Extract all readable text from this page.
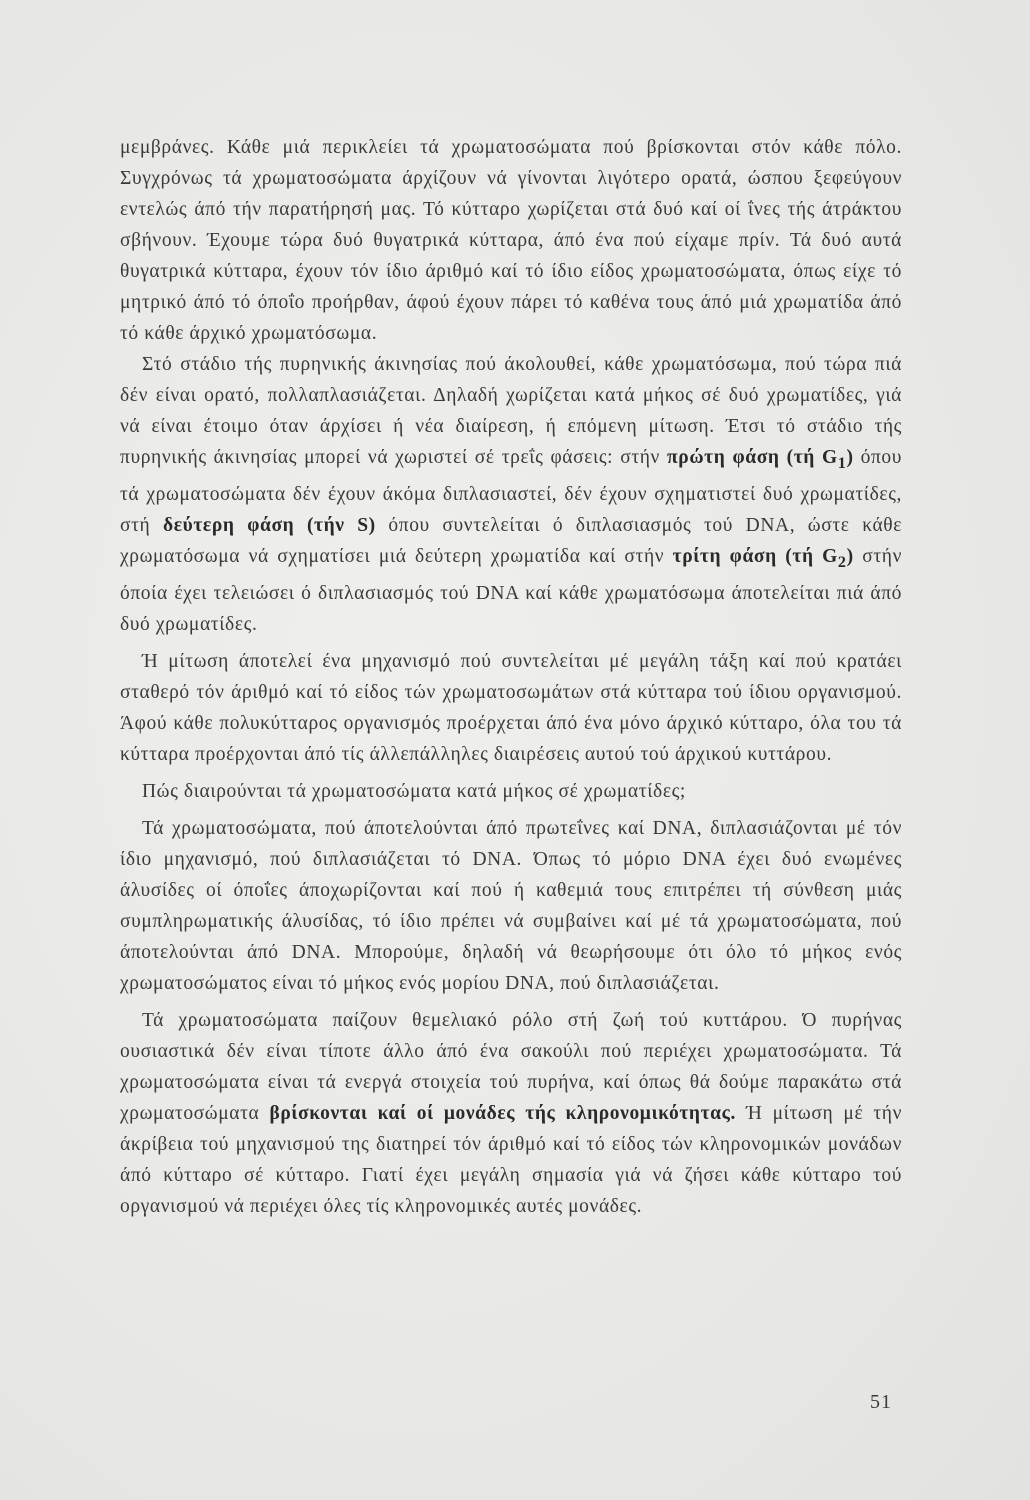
μεμβράνες. Κάθε μιά περικλείει τά χρωματοσώματα πού βρίσκονται στόν κάθε πόλο. Συγχρόνως τά χρωματοσώματα άρχίζουν νά γίνονται λιγότερο ορατά, ώσπου ξεφεύγουν εντελώς άπό τήν παρατήρησή μας. Τό κύτταρο χωρίζεται στά δυό καί οί ΐνες τής άτράκτου σβήνουν. Έχουμε τώρα δυό θυγατρικά κύτταρα, άπό ένα πού είχαμε πρίν. Τά δυό αυτά θυγατρικά κύτταρα, έχουν τόν ίδιο άριθμό καί τό ίδιο είδος χρωματοσώματα, όπως είχε τό μητρικό άπό τό όποΐο προήρθαν, άφού έχουν πάρει τό καθένα τους άπό μιά χρωματίδα άπό τό κάθε άρχικό χρωματόσωμα.

Στό στάδιο τής πυρηνικής άκινησίας πού άκολουθεί, κάθε χρωματόσωμα, πού τώρα πιά δέν είναι ορατό, πολλαπλασιάζεται. Δηλαδή χωρίζεται κατά μήκος σέ δυό χρωματίδες, γιά νά είναι έτοιμο όταν άρχίσει ή νέα διαίρεση, ή επόμενη μίτωση. Έτσι τό στάδιο τής πυρηνικής άκινησίας μπορεί νά χωριστεί σέ τρεΐς φάσεις: στήν πρώτη φάση (τή $G_1$) όπου τά χρωματοσώματα δέν έχουν άκόμα διπλασιαστεί, δέν έχουν σχηματιστεί δυό χρωματίδες, στή δεύτερη φάση (τήν S) όπου συντελείται ό διπλασιασμός τού DNA, ώστε κάθε χρωματόσωμα νά σχηματίσει μιά δεύτερη χρωματίδα καί στήν τρίτη φάση (τή $G_2$) στήν όποία έχει τελειώσει ό διπλασιασμός τού DNA καί κάθε χρωματόσωμα άποτελείται πιά άπό δυό χρωματίδες.

Ή μίτωση άποτελεί ένα μηχανισμό πού συντελείται μέ μεγάλη τάξη καί πού κρατάει σταθερό τόν άριθμό καί τό είδος τών χρωματοσωμάτων στά κύτταρα τού ίδιου οργανισμού. Άφού κάθε πολυκύτταρος οργανισμός προέρχεται άπό ένα μόνο άρχικό κύτταρο, όλα του τά κύτταρα προέρχονται άπό τίς άλλεπάλληλες διαιρέσεις αυτού τού άρχικού κυττάρου.

Πώς διαιρούνται τά χρωματοσώματα κατά μήκος σέ χρωματίδες;

Τά χρωματοσώματα, πού άποτελούνται άπό πρωτεΐνες καί DNA, διπλασιάζονται μέ τόν ίδιο μηχανισμό, πού διπλασιάζεται τό DNA. Όπως τό μόριο DNA έχει δυό ενωμένες άλυσίδες οί όποΐες άποχωρίζονται καί πού ή καθεμιά τους επιτρέπει τή σύνθεση μιάς συμπληρωματικής άλυσίδας, τό ίδιο πρέπει νά συμβαίνει καί μέ τά χρωματοσώματα, πού άποτελούνται άπό DNA. Μπορούμε, δηλαδή νά θεωρήσουμε ότι όλο τό μήκος ενός χρωματοσώματος είναι τό μήκος ενός μορίου DNA, πού διπλασιάζεται.

Τά χρωματοσώματα παίζουν θεμελιακό ρόλο στή ζωή τού κυττάρου. Ό πυρήνας ουσιαστικά δέν είναι τίποτε άλλο άπό ένα σακούλι πού περιέχει χρωματοσώματα. Τά χρωματοσώματα είναι τά ενεργά στοιχεία τού πυρήνα, καί όπως θά δούμε παρακάτω στά χρωματοσώματα βρίσκονται καί οί μονάδες τής κληρονομικότητας. Ή μίτωση μέ τήν άκρίβεια τού μηχανισμού της διατηρεί τόν άριθμό καί τό είδος τών κληρονομικών μονάδων άπό κύτταρο σέ κύτταρο. Γιατί έχει μεγάλη σημασία γιά νά ζήσει κάθε κύτταρο τού οργανισμού νά περιέχει όλες τίς κληρονομικές αυτές μονάδες.

51
